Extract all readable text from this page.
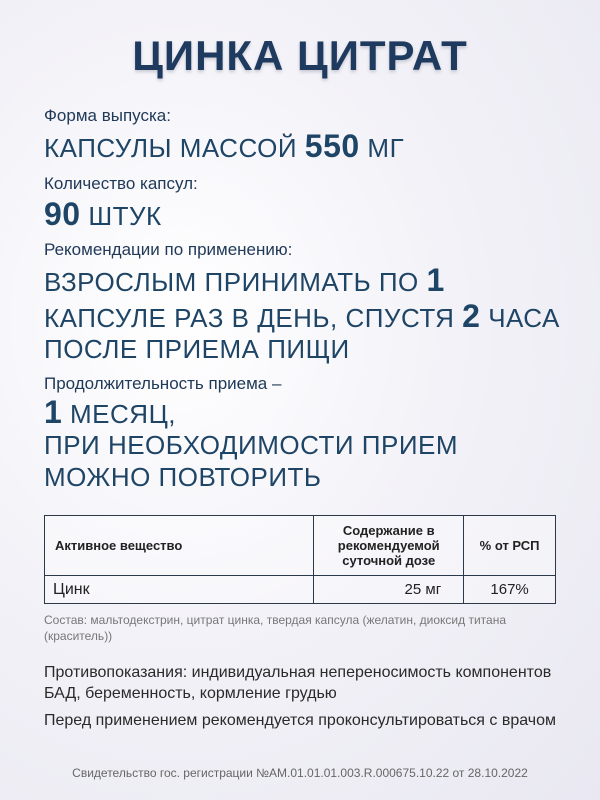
ЦИНКА ЦИТРАТ
Форма выпуска:
КАПСУЛЫ МАССОЙ 550 МГ
Количество капсул:
90 ШТУК
Рекомендации по применению:
ВЗРОСЛЫМ ПРИНИМАТЬ ПО 1
КАПСУЛЕ РАЗ В ДЕНЬ, СПУСТЯ 2 ЧАСА
ПОСЛЕ ПРИЕМА ПИЩИ
Продолжительность приема –
1 МЕСЯЦ,
ПРИ НЕОБХОДИМОСТИ ПРИЕМ
МОЖНО ПОВТОРИТЬ
Активное вещество	Содержание в рекомендуемой суточной дозе	% от РСП
Цинк	25 мг	167%
Состав: мальтодекстрин, цитрат цинка, твердая капсула (желатин, диоксид титана (краситель))
Противопоказания: индивидуальная непереносимость компонентов БАД, беременность, кормление грудью
Перед применением рекомендуется проконсультироваться с врачом
Свидетельство гос. регистрации №АМ.01.01.01.003.R.000675.10.22 от 28.10.2022
